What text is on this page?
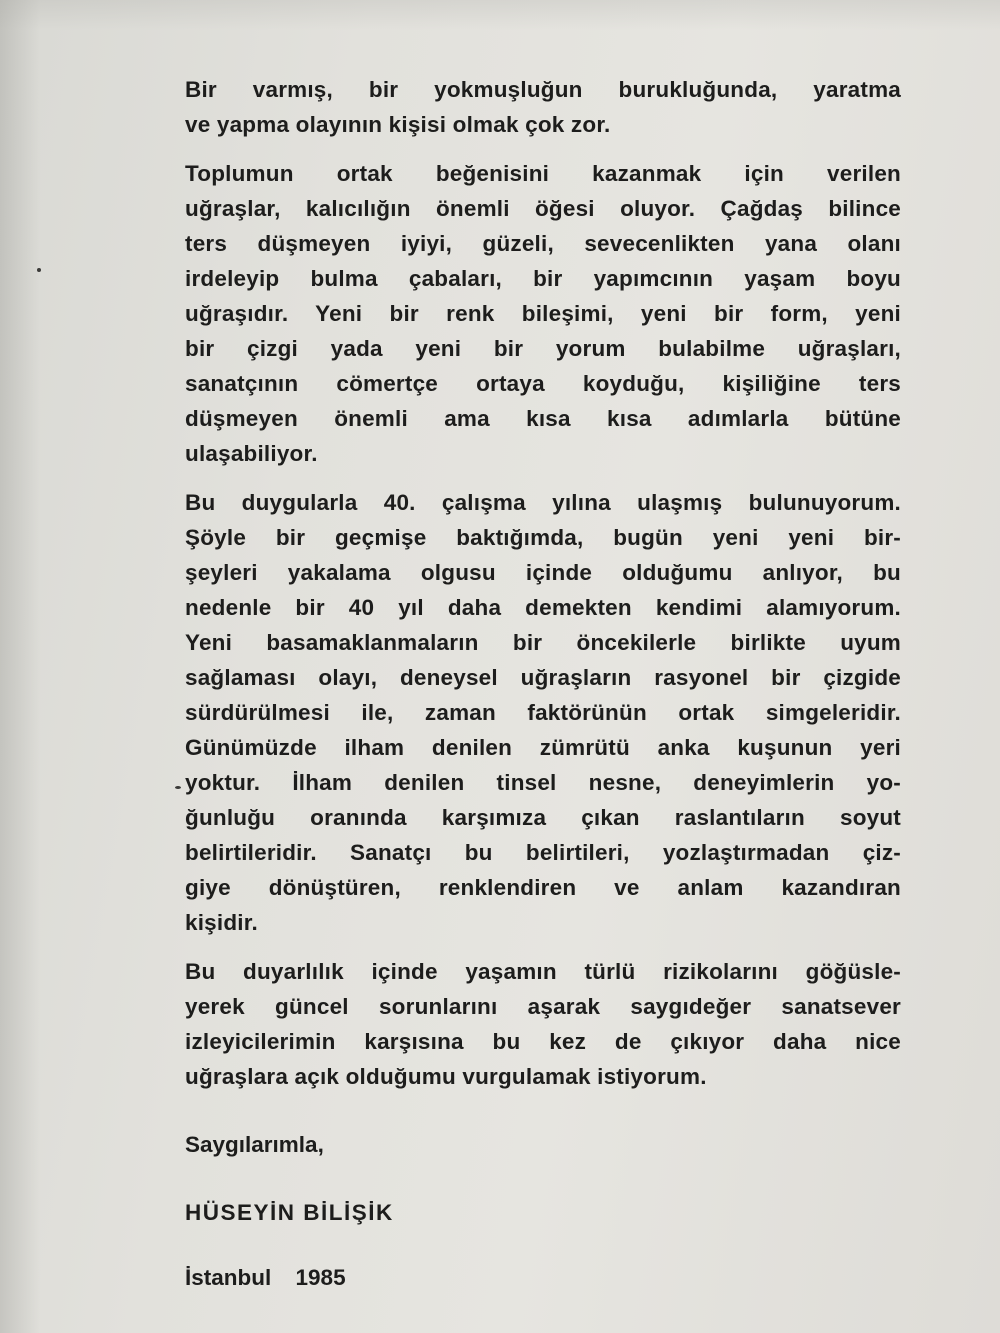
Bir varmış, bir yokmuşluğun burukluğunda, yaratma
ve yapma olayının kişisi olmak çok zor.
Toplumun ortak beğenisini kazanmak için verilen
uğraşlar, kalıcılığın önemli öğesi oluyor. Çağdaş bilince
ters düşmeyen iyiyi, güzeli, sevecenlikten yana olanı
irdeleyip bulma çabaları, bir yapımcının yaşam boyu
uğraşıdır. Yeni bir renk bileşimi, yeni bir form, yeni
bir çizgi yada yeni bir yorum bulabilme uğraşları,
sanatçının cömertçe ortaya koyduğu, kişiliğine ters
düşmeyen önemli ama kısa kısa adımlarla bütüne
ulaşabiliyor.
Bu duygularla 40. çalışma yılına ulaşmış bulunuyorum.
Şöyle bir geçmişe baktığımda, bugün yeni yeni bir-
şeyleri yakalama olgusu içinde olduğumu anlıyor, bu
nedenle bir 40 yıl daha demekten kendimi alamıyorum.
Yeni basamaklanmaların bir öncekilerle birlikte uyum
sağlaması olayı, deneysel uğraşların rasyonel bir çizgide
sürdürülmesi ile, zaman faktörünün ortak simgeleridir.
Günümüzde ilham denilen zümrütü anka kuşunun yeri
yoktur. İlham denilen tinsel nesne, deneyimlerin yo-
ğunluğu oranında karşımıza çıkan raslantıların soyut
belirtileridir. Sanatçı bu belirtileri, yozlaştırmadan çiz-
giye dönüştüren, renklendiren ve anlam kazandıran
kişidir.
Bu duyarlılık içinde yaşamın türlü rizikolarını göğüsle-
yerek güncel sorunlarını aşarak saygıdeğer sanatsever
izleyicilerimin karşısına bu kez de çıkıyor daha nice
uğraşlara açık olduğumu vurgulamak istiyorum.
Saygılarımla,
HÜSEYİN BİLİŞİK
İstanbul 1985
